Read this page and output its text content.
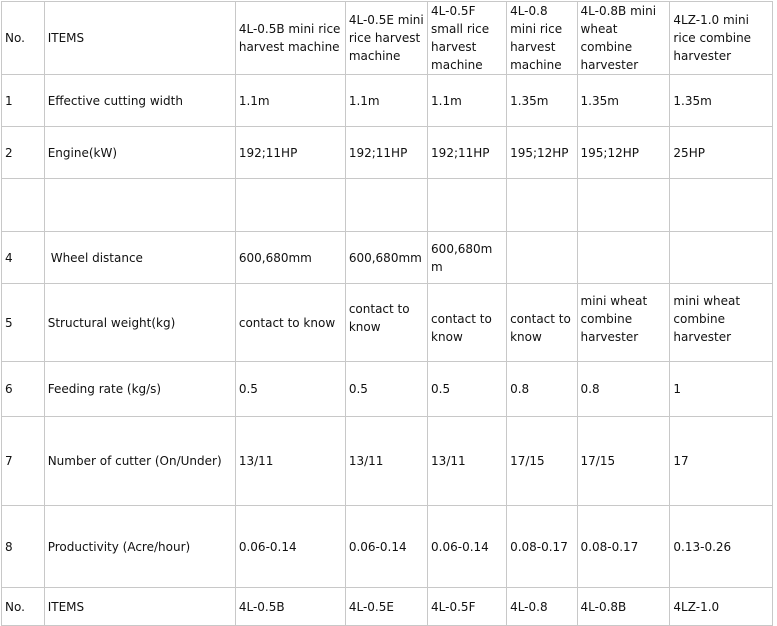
No.	ITEMS	4L-0.5B mini rice harvest machine	4L-0.5E mini rice harvest machine	4L-0.5F small rice harvest machine	4L-0.8 mini rice harvest machine	4L-0.8B mini wheat combine harvester	4LZ-1.0 mini rice combine harvester
1	Effective cutting width	1.1m	1.1m	1.1m	1.35m	1.35m	1.35m
2	Engine(kW)	192;11HP	192;11HP	192;11HP	195;12HP	195;12HP	25HP

4	Wheel distance	600,680mm	600,680mm	600,680mm			
5	Structural weight(kg)	contact to know	contact to know	contact to know	contact to know	mini wheat combine harvester	mini wheat combine harvester
6	Feeding rate (kg/s)	0.5	0.5	0.5	0.8	0.8	1
7	Number of cutter (On/Under)	13/11	13/11	13/11	17/15	17/15	17
8	Productivity (Acre/hour)	0.06-0.14	0.06-0.14	0.06-0.14	0.08-0.17	0.08-0.17	0.13-0.26
No.	ITEMS	4L-0.5B	4L-0.5E	4L-0.5F	4L-0.8	4L-0.8B	4LZ-1.0
